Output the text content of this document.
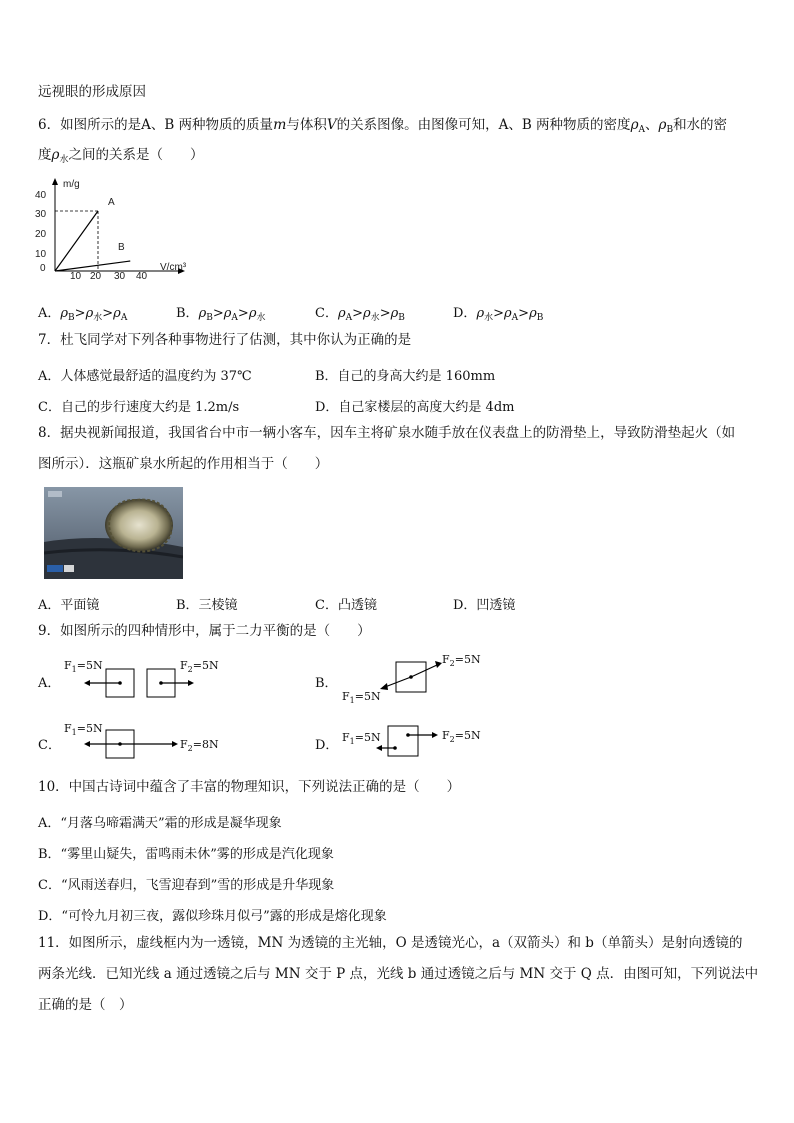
远视眼的形成原因
6．如图所示的是A、B 两种物质的质量m与体积V的关系图像。由图像可知，A、B 两种物质的密度$\rho_A$、$\rho_B$和水的密
度$\rho_水$之间的关系是（　　）
m/g
40
30
20
10
0
10 20 30 40
V/cm³
A
B
A．$\rho_B>\rho_水>\rho_A$	B．$\rho_B>\rho_A>\rho_水$	C．$\rho_A>\rho_水>\rho_B$	D．$\rho_水>\rho_A>\rho_B$
7．杜飞同学对下列各种事物进行了估测，其中你认为正确的是
A．人体感觉最舒适的温度约为 37℃	B．自己的身高大约是 160mm
C．自己的步行速度大约是 1.2m/s	D．自己家楼层的高度大约是 4dm
8．据央视新闻报道，我国省台中市一辆小客车，因车主将矿泉水随手放在仪表盘上的防滑垫上，导致防滑垫起火（如
图所示）．这瓶矿泉水所起的作用相当于（　　）
A．平面镜	B．三棱镜	C．凸透镜	D．凹透镜
9．如图所示的四种情形中，属于二力平衡的是（　　）
A．
$F_1=5N$	$F_2=5N$
B．
$F_2=5N$
$F_1=5N$
C．
$F_1=5N$
$F_2=8N$	D．
$F_1=5N$	$F_2=5N$
10．中国古诗词中蕴含了丰富的物理知识，下列说法正确的是（　　）
A．“月落乌啼霜满天”霜的形成是凝华现象
B．“雾里山疑失，雷鸣雨未休”雾的形成是汽化现象
C．“风雨送春归，飞雪迎春到”雪的形成是升华现象
D．“可怜九月初三夜，露似珍珠月似弓”露的形成是熔化现象
11．如图所示，虚线框内为一透镜，MN 为透镜的主光轴，O 是透镜光心，a（双箭头）和 b（单箭头）是射向透镜的
两条光线．已知光线 a 通过透镜之后与 MN 交于 P 点，光线 b 通过透镜之后与 MN 交于 Q 点．由图可知，下列说法中
正确的是（　）
